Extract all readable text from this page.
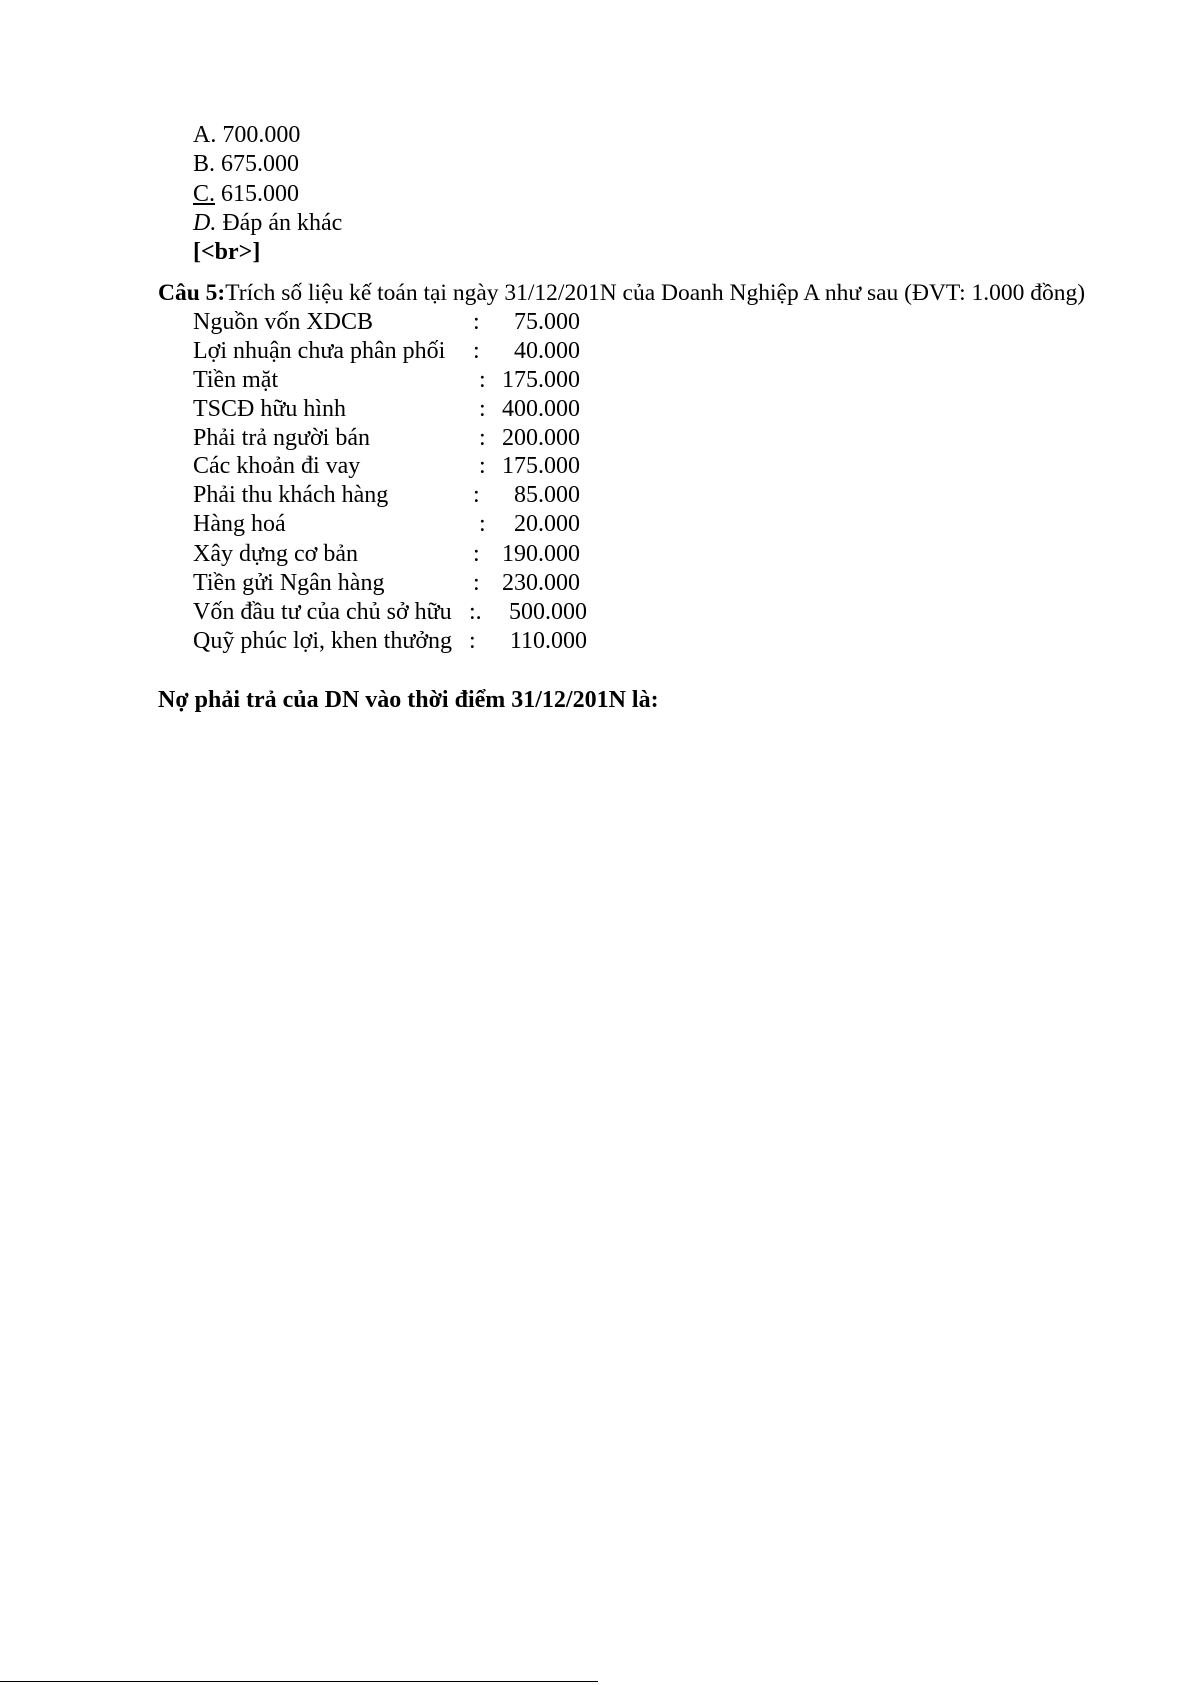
A. 700.000
B. 675.000
C. 615.000
D. Đáp án khác
[<br>]
Câu 5:Trích số liệu kế toán tại ngày 31/12/201N của Doanh Nghiệp A như sau (ĐVT: 1.000 đồng)
Nguồn vốn XDCB	: 75.000
Lợi nhuận chưa phân phối : 40.000
Tiền mặt	: 175.000
TSCĐ hữu hình	: 400.000
Phải trả người bán	: 200.000
Các khoản đi vay	: 175.000
Phải thu khách hàng	: 85.000
Hàng hoá	: 20.000
Xây dựng cơ bản	: 190.000
Tiền gửi Ngân hàng	: 230.000
Vốn đầu tư của chủ sở hữu :. 500.000
Quỹ phúc lợi, khen thưởng : 110.000
Nợ phải trả của DN vào thời điểm 31/12/201N là:
